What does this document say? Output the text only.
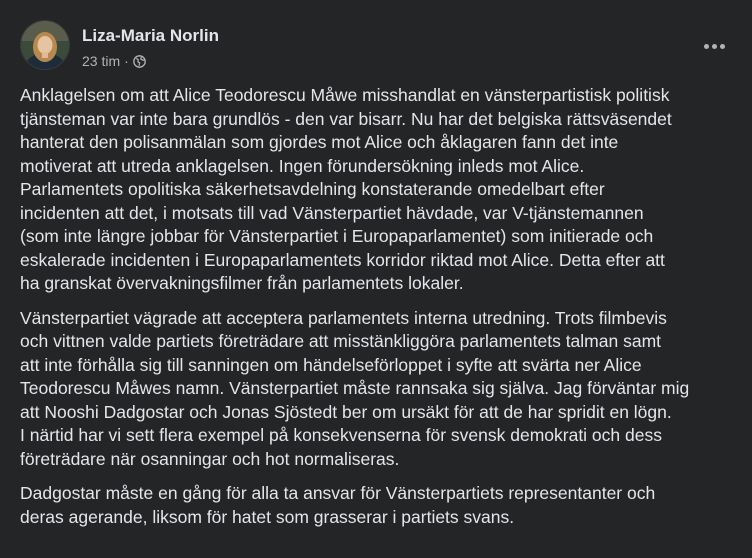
Liza-Maria Norlin
23 tim ·

Anklagelsen om att Alice Teodorescu Måwe misshandlat en vänsterpartistisk politisk
tjänsteman var inte bara grundlös - den var bisarr. Nu har det belgiska rättsväsendet
hanterat den polisanmälan som gjordes mot Alice och åklagaren fann det inte
motiverat att utreda anklagelsen. Ingen förundersökning inleds mot Alice.
Parlamentets opolitiska säkerhetsavdelning konstaterande omedelbart efter
incidenten att det, i motsats till vad Vänsterpartiet hävdade, var V-tjänstemannen
(som inte längre jobbar för Vänsterpartiet i Europaparlamentet) som initierade och
eskalerade incidenten i Europaparlamentets korridor riktad mot Alice. Detta efter att
ha granskat övervakningsfilmer från parlamentets lokaler.

Vänsterpartiet vägrade att acceptera parlamentets interna utredning. Trots filmbevis
och vittnen valde partiets företrädare att misstänkliggöra parlamentets talman samt
att inte förhålla sig till sanningen om händelseförloppet i syfte att svärta ner Alice
Teodorescu Måwes namn. Vänsterpartiet måste rannsaka sig själva. Jag förväntar mig
att Nooshi Dadgostar och Jonas Sjöstedt ber om ursäkt för att de har spridit en lögn.
I närtid har vi sett flera exempel på konsekvenserna för svensk demokrati och dess
företrädare när osanningar och hot normaliseras.

Dadgostar måste en gång för alla ta ansvar för Vänsterpartiets representanter och
deras agerande, liksom för hatet som grasserar i partiets svans.
